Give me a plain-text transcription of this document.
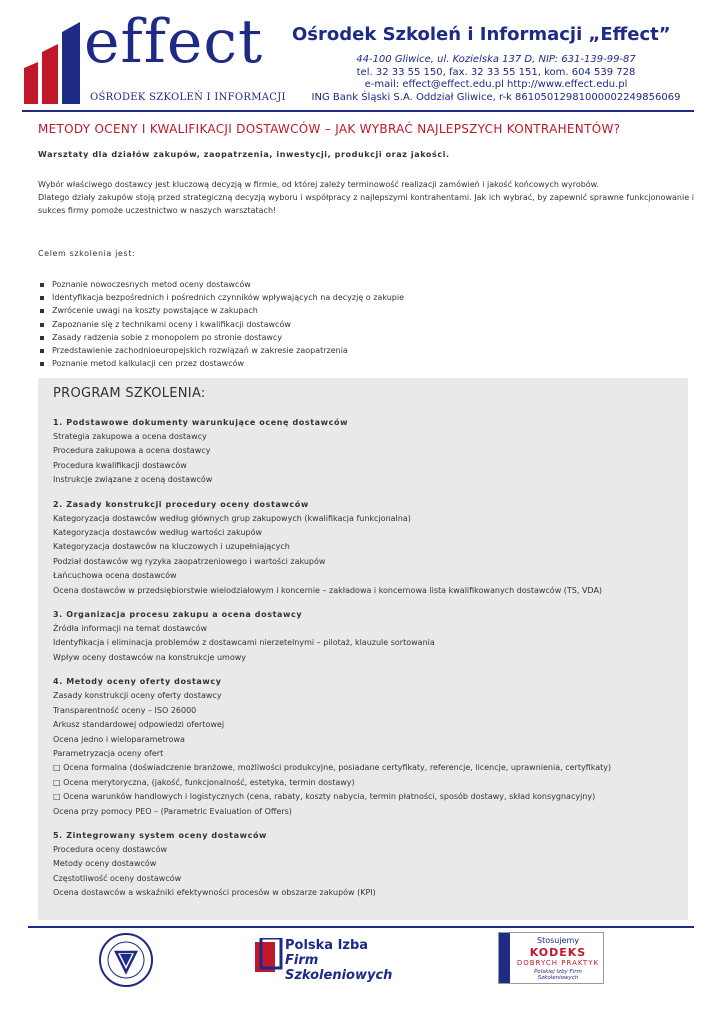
effect
OŚRODEK SZKOLEŃ I INFORMACJI
Ośrodek Szkoleń i Informacji „Effect”
44-100 Gliwice, ul. Kozielska 137 D, NIP: 631-139-99-87
tel. 32 33 55 150, fax. 32 33 55 151, kom. 604 539 728
e-mail: effect@effect.edu.pl http://www.effect.edu.pl
ING Bank Śląski S.A. Oddział Gliwice, r-k 86105012981000002249856069
METODY OCENY I KWALIFIKACJI DOSTAWCÓW – JAK WYBRAĆ NAJLEPSZYCH KONTRAHENTÓW?
Warsztaty dla działów zakupów, zaopatrzenia, inwestycji, produkcji oraz jakości.

Wybór właściwego dostawcy jest kluczową decyzją w firmie, od której zależy terminowość realizacji zamówień i jakość końcowych wyrobów.

Dlatego działy zakupów stoją przed strategiczną decyzją wyboru i współpracy z najlepszymi kontrahentami. Jak ich wybrać, by zapewnić sprawne funkcjonowanie i sukces firmy pomoże uczestnictwo w naszych warsztatach!

Celem szkolenia jest:
Poznanie nowoczesnych metod oceny dostawców
Identyfikacja bezpośrednich i pośrednich czynników wpływających na decyzję o zakupie
Zwrócenie uwagi na koszty powstające w zakupach
Zapoznanie się z technikami oceny i kwalifikacji dostawców
Zasady radzenia sobie z monopolem po stronie dostawcy
Przedstawienie zachodnioeuropejskich rozwiązań w zakresie zaopatrzenia
Poznanie metod kalkulacji cen przez dostawców
PROGRAM SZKOLENIA:
1. Podstawowe dokumenty warunkujące ocenę dostawców
Strategia zakupowa a ocena dostawcy
Procedura zakupowa a ocena dostawcy
Procedura kwalifikacji dostawców
Instrukcje związane z oceną dostawców
2. Zasady konstrukcji procedury oceny dostawców
Kategoryzacja dostawców według głównych grup zakupowych (kwalifikacja funkcjonalna)
Kategoryzacja dostawców według wartości zakupów
Kategoryzacja dostawców na kluczowych i uzupełniających
Podział dostawców wg ryzyka zaopatrzeniowego i wartości zakupów
Łańcuchowa ocena dostawców
Ocena dostawców w przedsiębiorstwie wielodziałowym i koncernie – zakładowa i koncernowa lista kwalifikowanych dostawców (TS, VDA)
3. Organizacja procesu zakupu a ocena dostawcy
Źródła informacji na temat dostawców
Identyfikacja i eliminacja problemów z dostawcami nierzetelnymi – pilotaż, klauzule sortowania
Wpływ oceny dostawców na konstrukcje umowy
4. Metody oceny oferty dostawcy
Zasady konstrukcji oceny oferty dostawcy
Transparentność oceny – ISO 26000
Arkusz standardowej odpowiedzi ofertowej
Ocena jedno i wieloparametrowa
Parametryzacja oceny ofert
□ Ocena formalna (doświadczenie branżowe, możliwości produkcyjne, posiadane certyfikaty, referencje, licencje, uprawnienia, certyfikaty)
□ Ocena merytoryczna, (jakość, funkcjonalność, estetyka, termin dostawy)
□ Ocena warunków handlowych i logistycznych (cena, rabaty, koszty nabycia, termin płatności, sposób dostawy, skład konsygnacyjny)
Ocena przy pomocy PEO – (Parametric Evaluation of Offers)
5. Zintegrowany system oceny dostawców
Procedura oceny dostawców
Metody oceny dostawców
Częstotliwość oceny dostawców
Ocena dostawców a wskaźniki efektywności procesów w obszarze zakupów (KPI)
Polska Izba
Firm Szkoleniowych
Stosujemy
KODEKS
DOBRYCH PRAKTYK
Polskiej Izby Firm Szkoleniowych
